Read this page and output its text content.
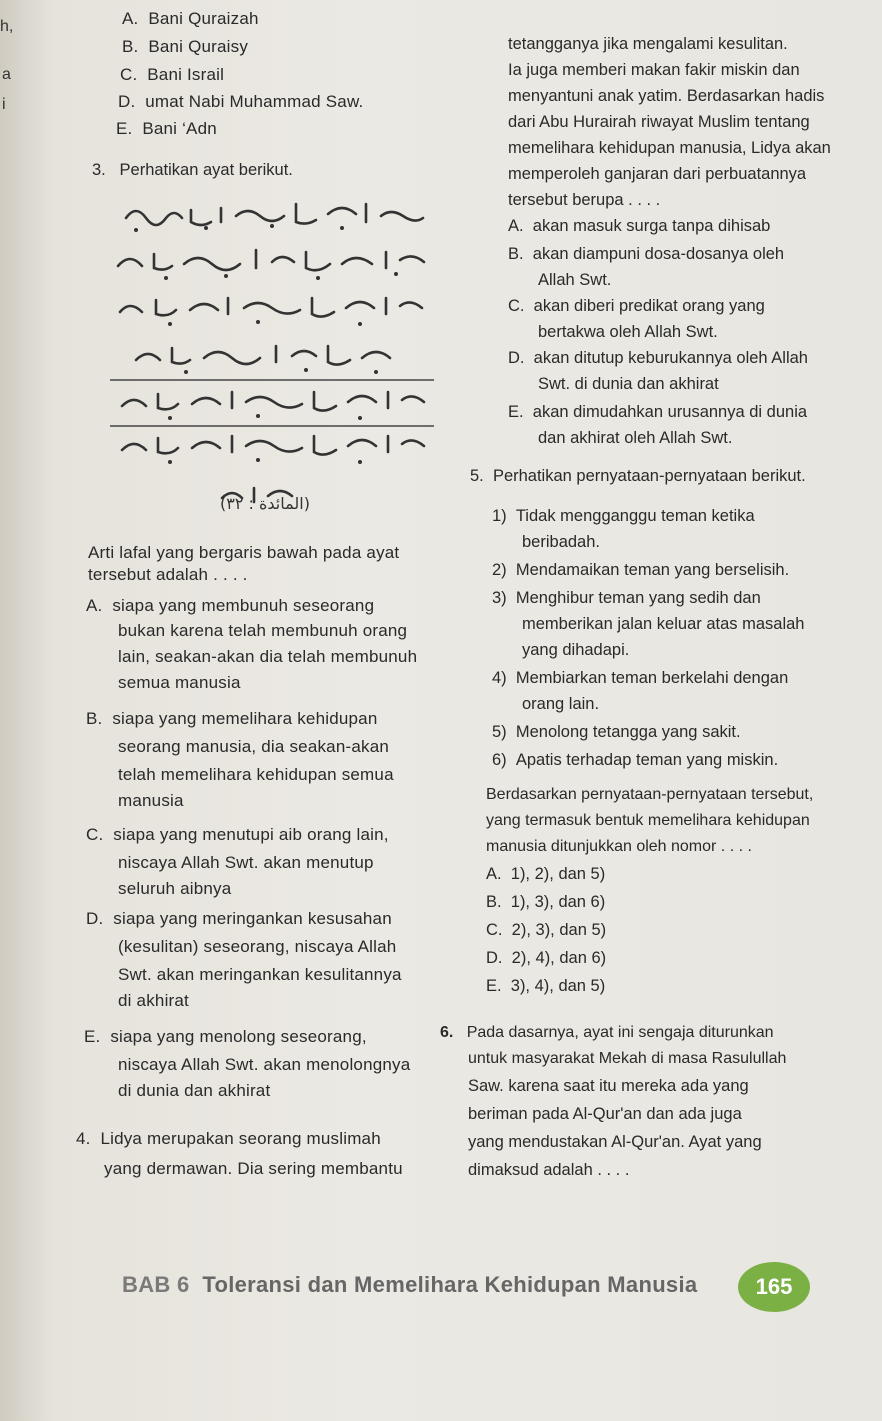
h,
a
i
A. Bani Quraizah
B. Bani Quraisy
C. Bani Israil
D. umat Nabi Muhammad Saw.
E. Bani ‘Adn
3. Perhatikan ayat berikut.
(المائدة : ٣٢)
Arti lafal yang bergaris bawah pada ayat
tersebut adalah . . . .
A. siapa yang membunuh seseorang
bukan karena telah membunuh orang
lain, seakan-akan dia telah membunuh
semua manusia
B. siapa yang memelihara kehidupan
seorang manusia, dia seakan-akan
telah memelihara kehidupan semua
manusia
C. siapa yang menutupi aib orang lain,
niscaya Allah Swt. akan menutup
seluruh aibnya
D. siapa yang meringankan kesusahan
(kesulitan) seseorang, niscaya Allah
Swt. akan meringankan kesulitannya
di akhirat
E. siapa yang menolong seseorang,
niscaya Allah Swt. akan menolongnya
di dunia dan akhirat
4. Lidya merupakan seorang muslimah
yang dermawan. Dia sering membantu
tetangganya jika mengalami kesulitan.
Ia juga memberi makan fakir miskin dan
menyantuni anak yatim. Berdasarkan hadis
dari Abu Hurairah riwayat Muslim tentang
memelihara kehidupan manusia, Lidya akan
memperoleh ganjaran dari perbuatannya
tersebut berupa . . . .
A. akan masuk surga tanpa dihisab
B. akan diampuni dosa-dosanya oleh
Allah Swt.
C. akan diberi predikat orang yang
bertakwa oleh Allah Swt.
D. akan ditutup keburukannya oleh Allah
Swt. di dunia dan akhirat
E. akan dimudahkan urusannya di dunia
dan akhirat oleh Allah Swt.
5. Perhatikan pernyataan-pernyataan berikut.
1) Tidak mengganggu teman ketika
beribadah.
2) Mendamaikan teman yang berselisih.
3) Menghibur teman yang sedih dan
memberikan jalan keluar atas masalah
yang dihadapi.
4) Membiarkan teman berkelahi dengan
orang lain.
5) Menolong tetangga yang sakit.
6) Apatis terhadap teman yang miskin.
Berdasarkan pernyataan-pernyataan tersebut,
yang termasuk bentuk memelihara kehidupan
manusia ditunjukkan oleh nomor . . . .
A. 1), 2), dan 5)
B. 1), 3), dan 6)
C. 2), 3), dan 5)
D. 2), 4), dan 6)
E. 3), 4), dan 5)
6. Pada dasarnya, ayat ini sengaja diturunkan
untuk masyarakat Mekah di masa Rasulullah
Saw. karena saat itu mereka ada yang
beriman pada Al-Qur'an dan ada juga
yang mendustakan Al-Qur'an. Ayat yang
dimaksud adalah . . . .
BAB 6 Toleransi dan Memelihara Kehidupan Manusia	165
